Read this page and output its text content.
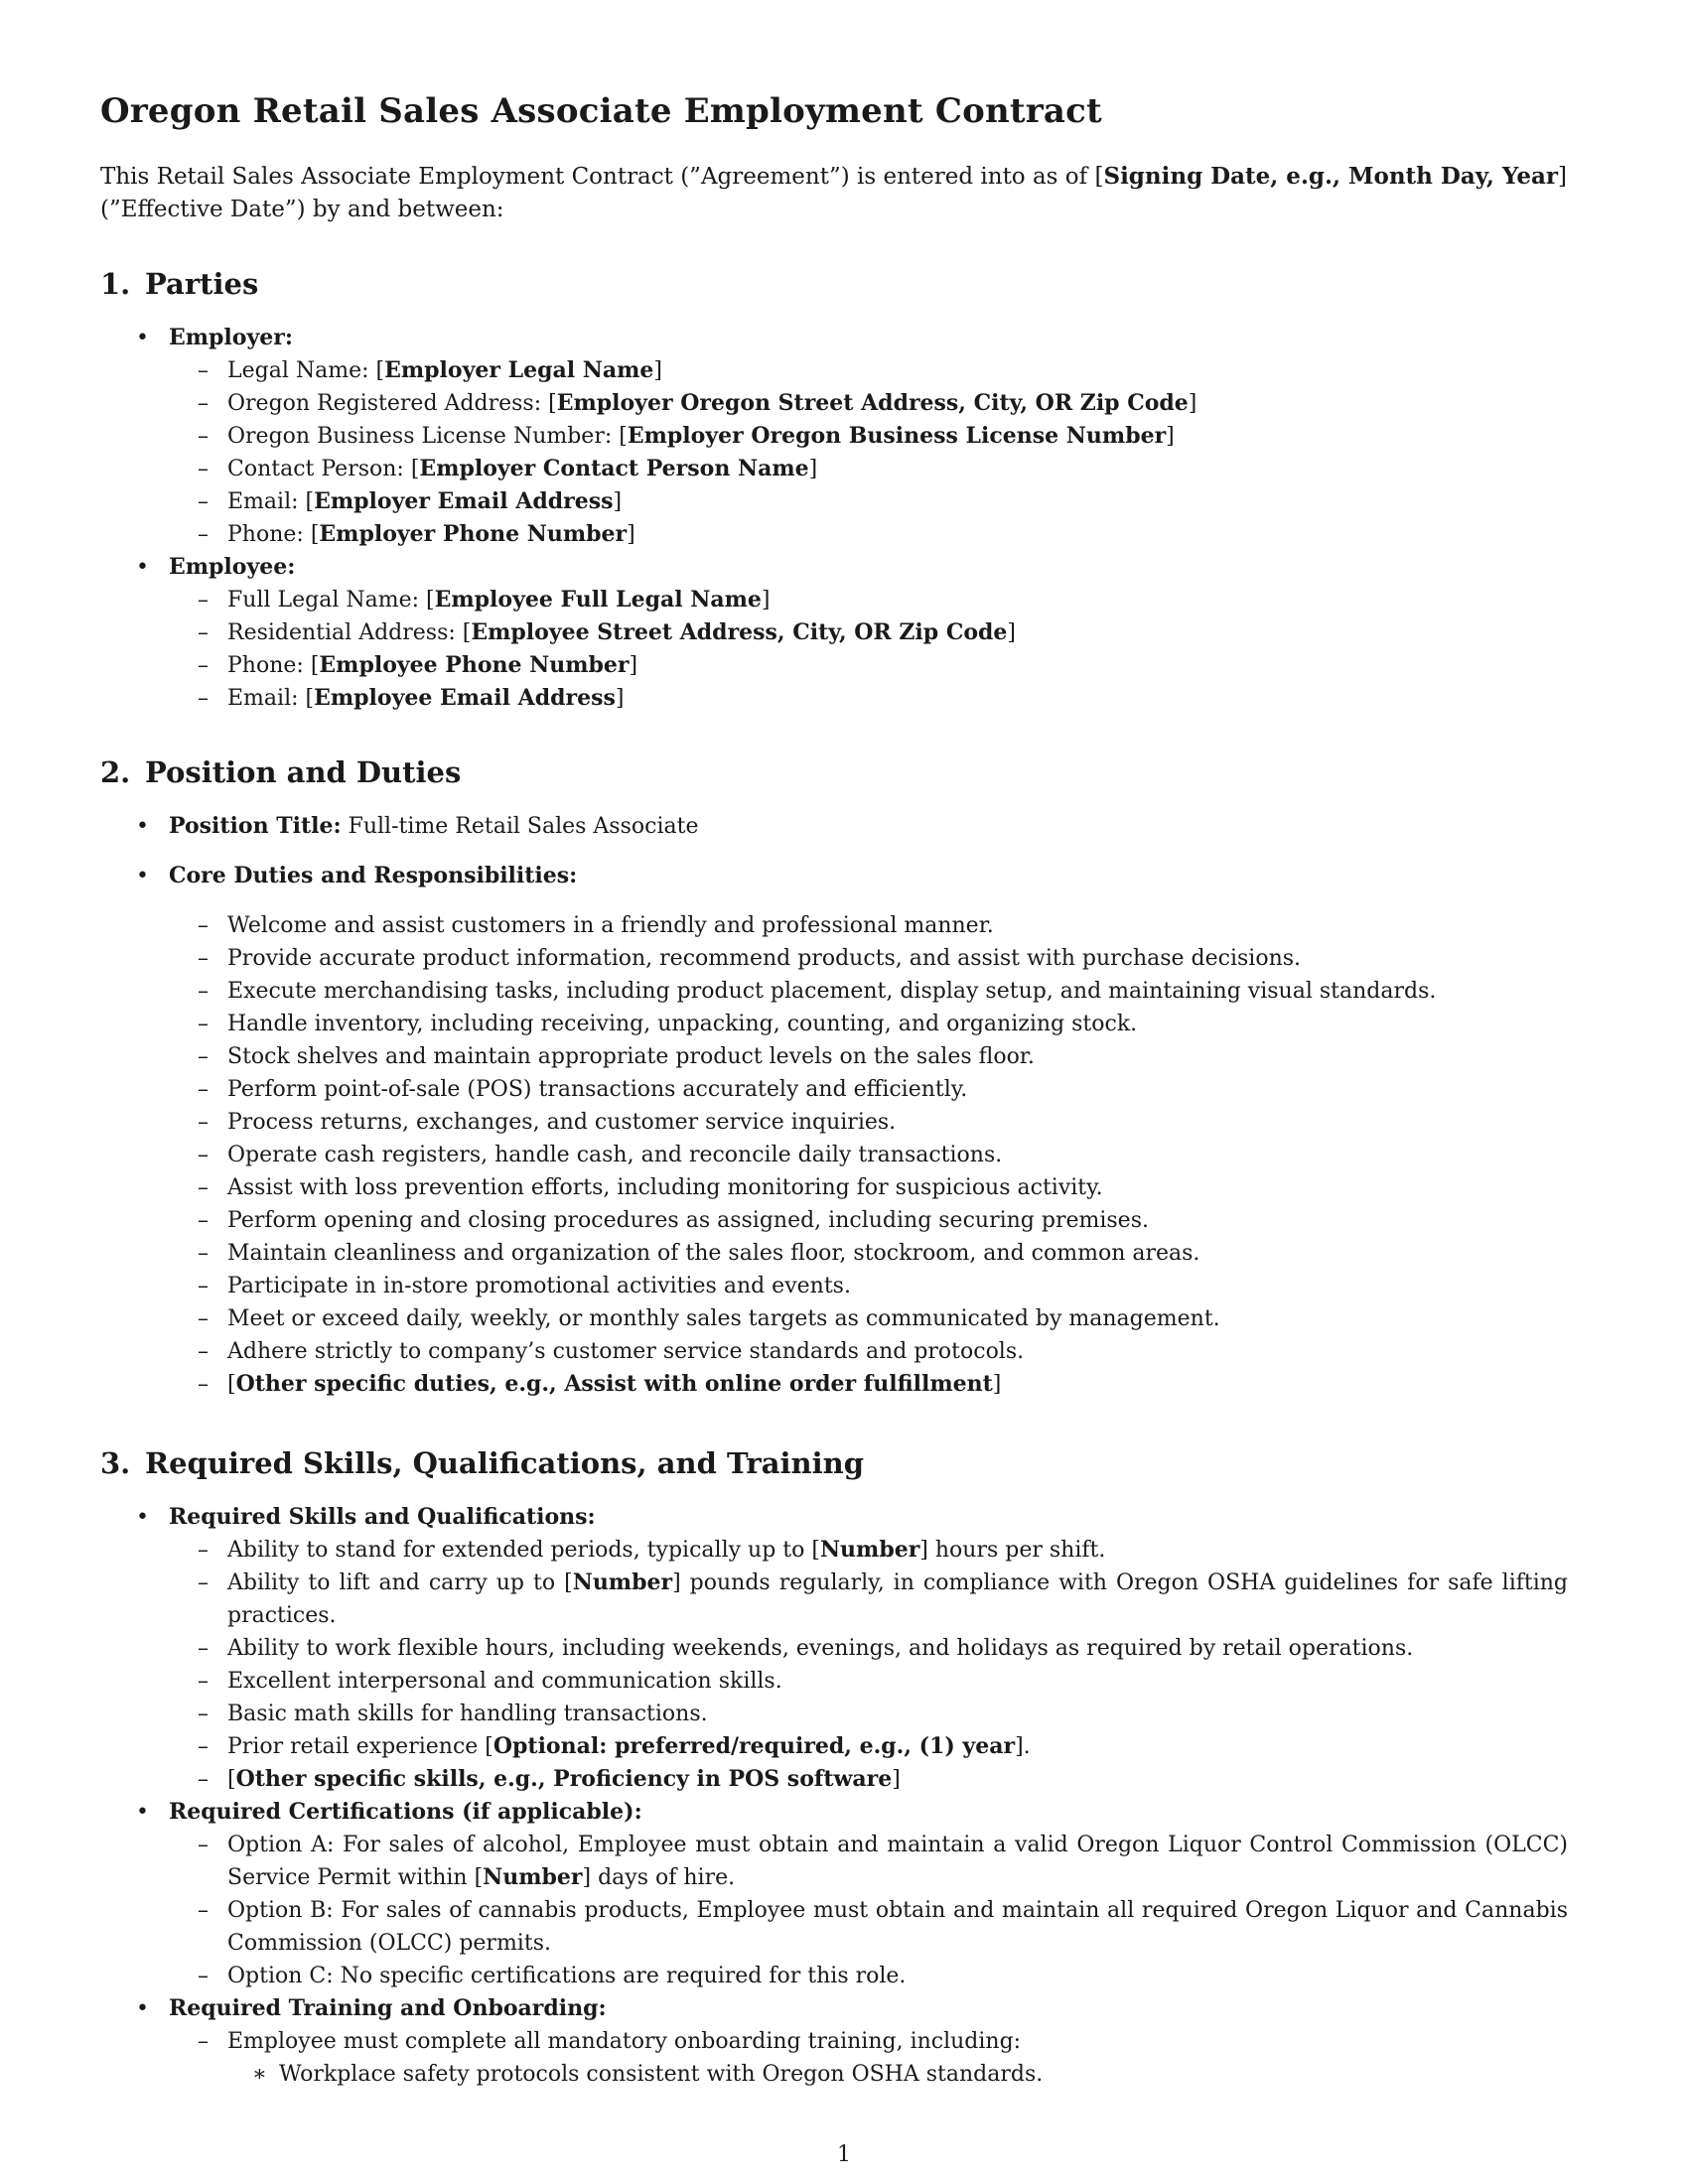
Oregon Retail Sales Associate Employment Contract
This Retail Sales Associate Employment Contract (”Agreement”) is entered into as of [Signing Date, e.g., Month Day, Year] (”Effective Date”) by and between:
1. Parties
• Employer:
– Legal Name: [Employer Legal Name]
– Oregon Registered Address: [Employer Oregon Street Address, City, OR Zip Code]
– Oregon Business License Number: [Employer Oregon Business License Number]
– Contact Person: [Employer Contact Person Name]
– Email: [Employer Email Address]
– Phone: [Employer Phone Number]
• Employee:
– Full Legal Name: [Employee Full Legal Name]
– Residential Address: [Employee Street Address, City, OR Zip Code]
– Phone: [Employee Phone Number]
– Email: [Employee Email Address]
2. Position and Duties
• Position Title: Full-time Retail Sales Associate
• Core Duties and Responsibilities:
– Welcome and assist customers in a friendly and professional manner.
– Provide accurate product information, recommend products, and assist with purchase decisions.
– Execute merchandising tasks, including product placement, display setup, and maintaining visual standards.
– Handle inventory, including receiving, unpacking, counting, and organizing stock.
– Stock shelves and maintain appropriate product levels on the sales floor.
– Perform point-of-sale (POS) transactions accurately and efficiently.
– Process returns, exchanges, and customer service inquiries.
– Operate cash registers, handle cash, and reconcile daily transactions.
– Assist with loss prevention efforts, including monitoring for suspicious activity.
– Perform opening and closing procedures as assigned, including securing premises.
– Maintain cleanliness and organization of the sales floor, stockroom, and common areas.
– Participate in in-store promotional activities and events.
– Meet or exceed daily, weekly, or monthly sales targets as communicated by management.
– Adhere strictly to company’s customer service standards and protocols.
– [Other specific duties, e.g., Assist with online order fulfillment]
3. Required Skills, Qualifications, and Training
• Required Skills and Qualifications:
– Ability to stand for extended periods, typically up to [Number] hours per shift.
– Ability to lift and carry up to [Number] pounds regularly, in compliance with Oregon OSHA guidelines for safe lifting practices.
– Ability to work flexible hours, including weekends, evenings, and holidays as required by retail operations.
– Excellent interpersonal and communication skills.
– Basic math skills for handling transactions.
– Prior retail experience [Optional: preferred/required, e.g., (1) year].
– [Other specific skills, e.g., Proficiency in POS software]
• Required Certifications (if applicable):
– Option A: For sales of alcohol, Employee must obtain and maintain a valid Oregon Liquor Control Commission (OLCC) Service Permit within [Number] days of hire.
– Option B: For sales of cannabis products, Employee must obtain and maintain all required Oregon Liquor and Cannabis Commission (OLCC) permits.
– Option C: No specific certifications are required for this role.
• Required Training and Onboarding:
– Employee must complete all mandatory onboarding training, including:
∗ Workplace safety protocols consistent with Oregon OSHA standards.
1
